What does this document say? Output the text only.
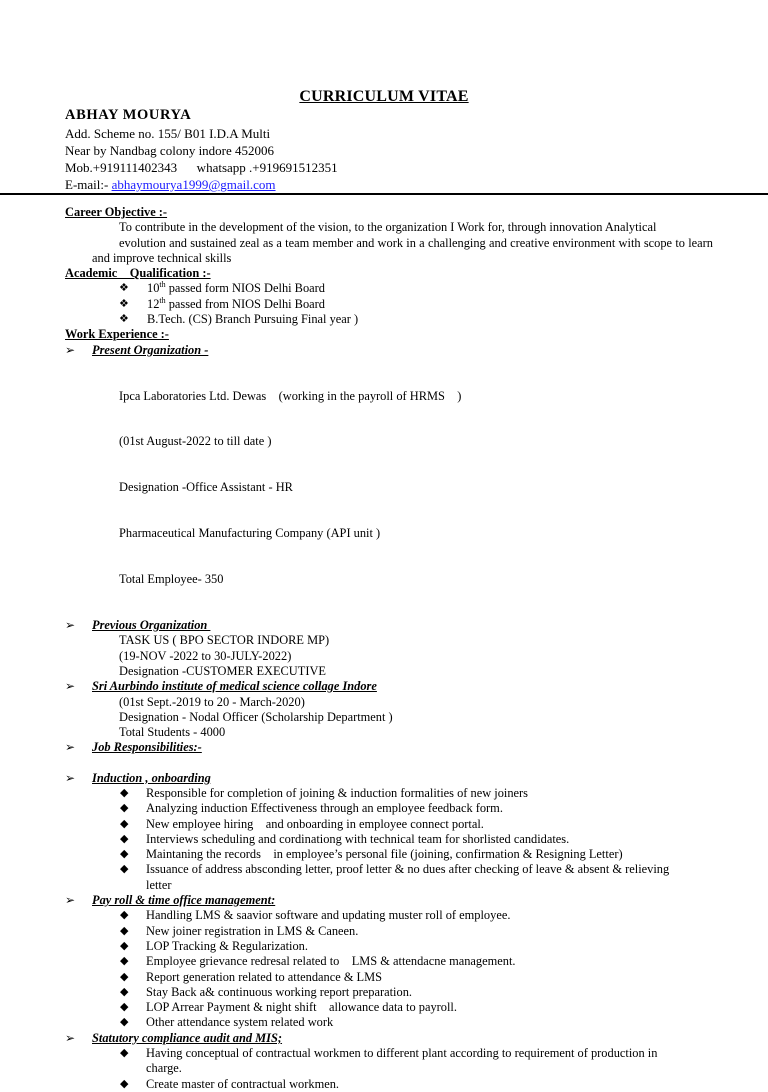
CURRICULUM VITAE
ABHAY MOURYA
Add. Scheme no. 155/ B01 I.D.A Multi
Near by Nandbag colony indore 452006
Mob.+919111402343      whatsapp .+919691512351
E-mail:- abhaymourya1999@gmail.com
Career Objective :-

To contribute in the development of the vision, to the organization I Work for, through innovation Analytical

evolution and sustained zeal as a team member and work in a challenging and creative environment with scope to learn and improve technical skills

Academic    Qualification :-
❖ 10th passed form NIOS Delhi Board
❖ 12th passed from NIOS Delhi Board
❖ B.Tech. (CS) Branch Pursuing Final year )
Work Experience :-
➢ Present Organization -

Ipca Laboratories Ltd. Dewas    (working in the payroll of HRMS    )

(01st August-2022 to till date )

Designation -Office Assistant - HR

Pharmaceutical Manufacturing Company (API unit )

Total Employee- 350

➢ Previous Organization
TASK US ( BPO SECTOR INDORE MP)
(19-NOV -2022 to 30-JULY-2022)
Designation -CUSTOMER EXECUTIVE
➢ Sri Aurbindo institute of medical science collage Indore
(01st Sept.-2019 to 20 - March-2020)
Designation - Nodal Officer (Scholarship Department )
Total Students - 4000
➢ Job Responsibilities:-
➢ Induction , onboarding
◆ Responsible for completion of joining & induction formalities of new joiners
◆ Analyzing induction Effectiveness through an employee feedback form.
◆ New employee hiring    and onboarding in employee connect portal.
◆ Interviews scheduling and cordinationg with technical team for shorlisted candidates.
◆ Maintaning the records    in employee’s personal file (joining, confirmation & Resigning Letter)
◆ Issuance of address absconding letter, proof letter & no dues after checking of leave & absent & relieving letter
➢ Pay roll & time office management:
◆ Handling LMS & saavior software and updating muster roll of employee.
◆ New joiner registration in LMS & Caneen.
◆ LOP Tracking & Regularization.
◆ Employee grievance redresal related to    LMS & attendacne management.
◆ Report generation related to attendance & LMS
◆ Stay Back a& continuous working report preparation.
◆ LOP Arrear Payment & night shift    allowance data to payroll.
◆ Other attendance system related work
➢ Statutory compliance audit and MIS;
◆ Having conceptual of contractual workmen to different plant according to requirement of production in charge.
◆ Create master of contractual workmen.
